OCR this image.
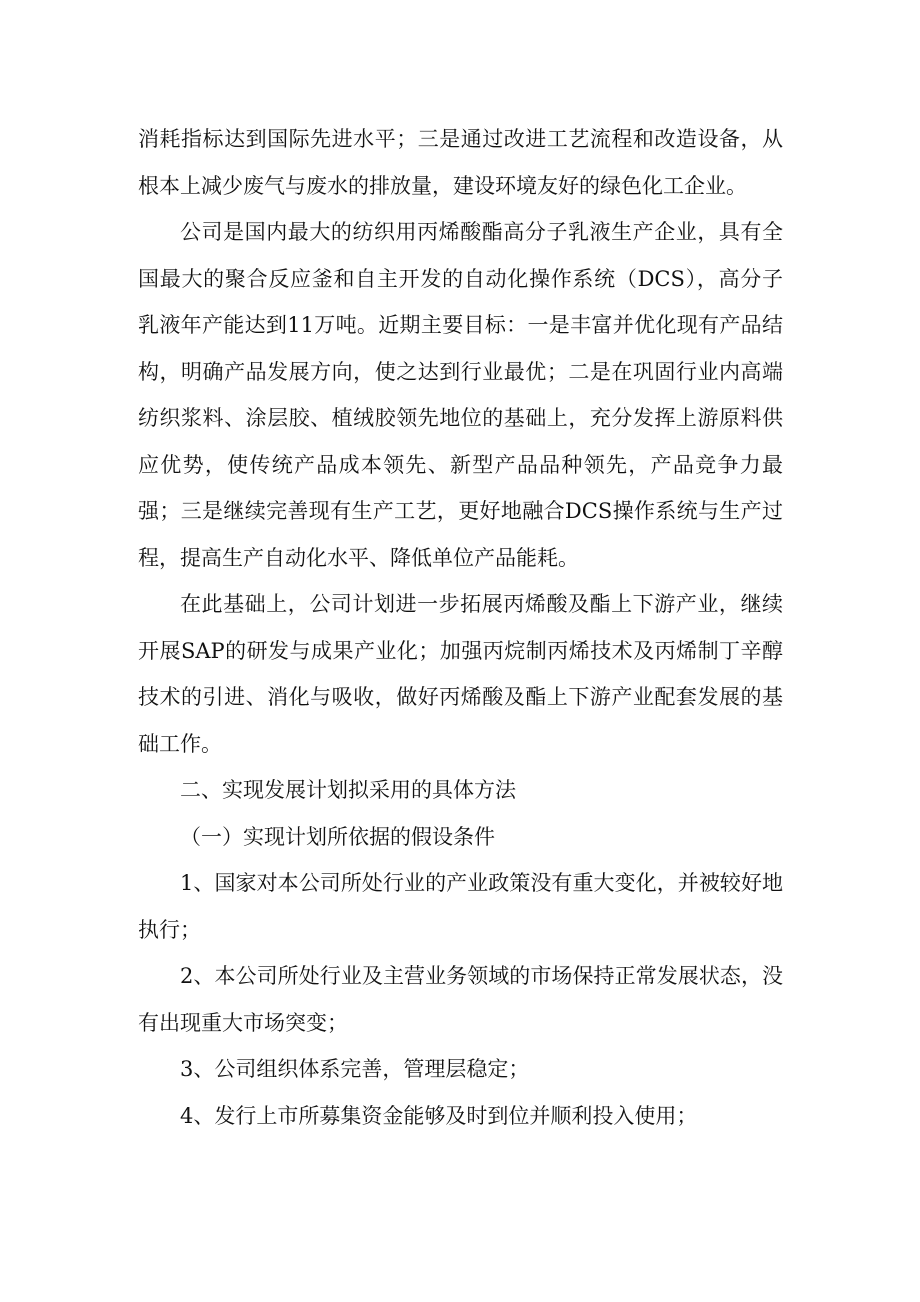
消耗指标达到国际先进水平；三是通过改进工艺流程和改造设备，从根本上减少废气与废水的排放量，建设环境友好的绿色化工企业。

公司是国内最大的纺织用丙烯酸酯高分子乳液生产企业，具有全国最大的聚合反应釜和自主开发的自动化操作系统（DCS），高分子乳液年产能达到11万吨。近期主要目标：一是丰富并优化现有产品结构，明确产品发展方向，使之达到行业最优；二是在巩固行业内高端纺织浆料、涂层胶、植绒胶领先地位的基础上，充分发挥上游原料供应优势，使传统产品成本领先、新型产品品种领先，产品竞争力最强；三是继续完善现有生产工艺，更好地融合DCS操作系统与生产过程，提高生产自动化水平、降低单位产品能耗。

在此基础上，公司计划进一步拓展丙烯酸及酯上下游产业，继续开展SAP的研发与成果产业化；加强丙烷制丙烯技术及丙烯制丁辛醇技术的引进、消化与吸收，做好丙烯酸及酯上下游产业配套发展的基础工作。

二、实现发展计划拟采用的具体方法

（一）实现计划所依据的假设条件

1、国家对本公司所处行业的产业政策没有重大变化，并被较好地执行；

2、本公司所处行业及主营业务领域的市场保持正常发展状态，没有出现重大市场突变；

3、公司组织体系完善，管理层稳定；

4、发行上市所募集资金能够及时到位并顺利投入使用；
